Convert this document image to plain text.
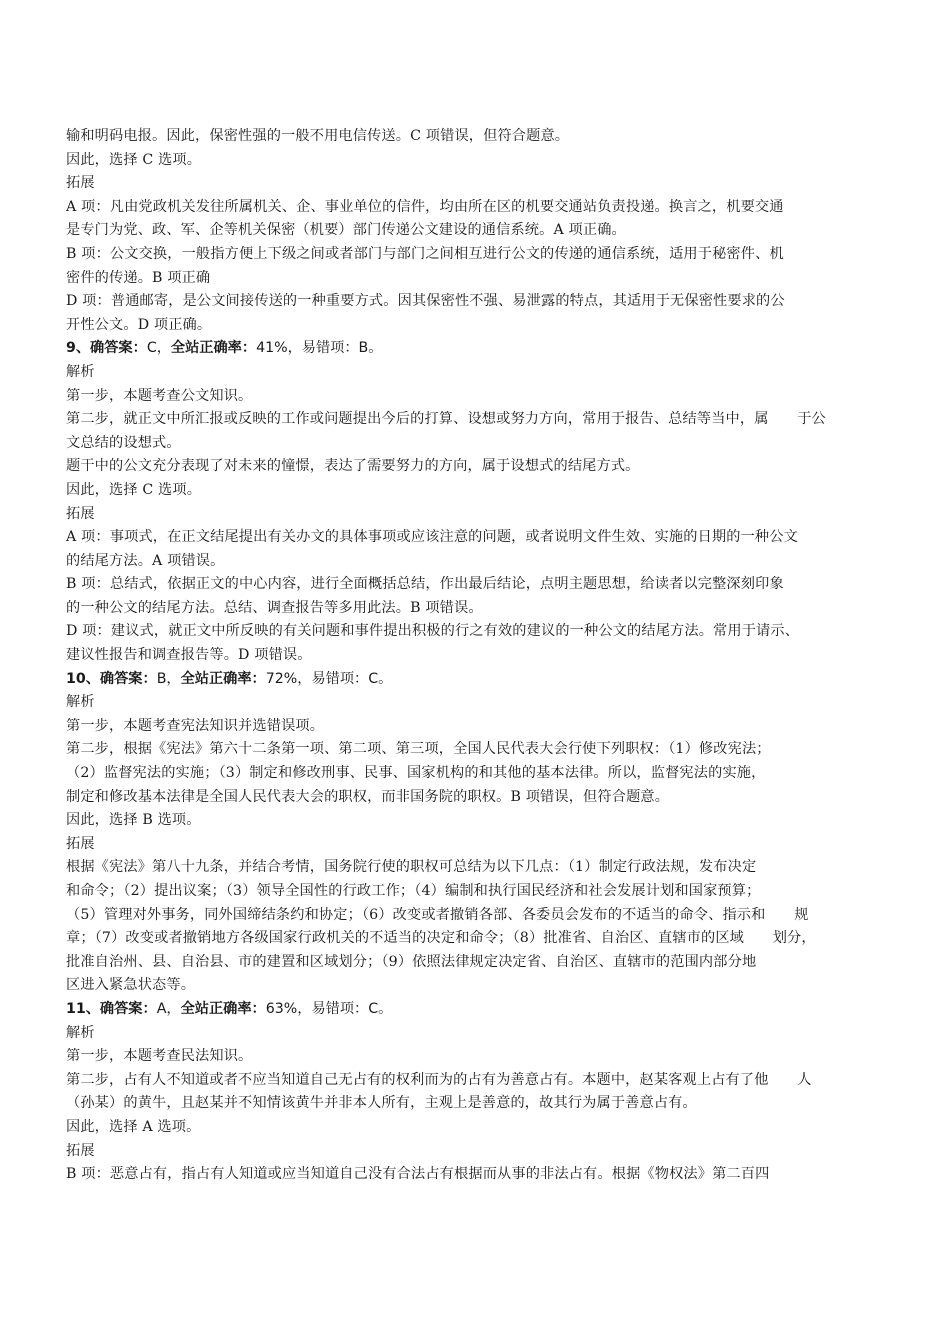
输和明码电报。因此，保密性强的一般不用电信传送。C 项错误，但符合题意。

因此，选择 C 选项。

拓展

A 项：凡由党政机关发往所属机关、企、事业单位的信件，均由所在区的机要交通站负责投递。换言之，机要交通

是专门为党、政、军、企等机关保密（机要）部门传递公文建设的通信系统。A 项正确。

B 项：公文交换，一般指方便上下级之间或者部门与部门之间相互进行公文的传递的通信系统，适用于秘密件、机

密件的传递。B 项正确

D 项：普通邮寄，是公文间接传送的一种重要方式。因其保密性不强、易泄露的特点，其适用于无保密性要求的公

开性公文。D 项正确。

9、确答案：C，全站正确率：41%，易错项：B。

解析

第一步，本题考查公文知识。

第二步，就正文中所汇报或反映的工作或问题提出今后的打算、设想或努力方向，常用于报告、总结等当中，属　　于公

文总结的设想式。

题干中的公文充分表现了对未来的憧憬，表达了需要努力的方向，属于设想式的结尾方式。

因此，选择 C 选项。

拓展

A 项：事项式，在正文结尾提出有关办文的具体事项或应该注意的问题，或者说明文件生效、实施的日期的一种公文

的结尾方法。A 项错误。

B 项：总结式，依据正文的中心内容，进行全面概括总结，作出最后结论，点明主题思想，给读者以完整深刻印象

的一种公文的结尾方法。总结、调查报告等多用此法。B 项错误。

D 项：建议式，就正文中所反映的有关问题和事件提出积极的行之有效的建议的一种公文的结尾方法。常用于请示、

建议性报告和调查报告等。D 项错误。

10、确答案：B，全站正确率：72%，易错项：C。

解析

第一步，本题考查宪法知识并选错误项。

第二步，根据《宪法》第六十二条第一项、第二项、第三项，全国人民代表大会行使下列职权：（1）修改宪法；

（2）监督宪法的实施；（3）制定和修改刑事、民事、国家机构的和其他的基本法律。所以，监督宪法的实施，

制定和修改基本法律是全国人民代表大会的职权，而非国务院的职权。B 项错误，但符合题意。

因此，选择 B 选项。

拓展

根据《宪法》第八十九条，并结合考情，国务院行使的职权可总结为以下几点：（1）制定行政法规，发布决定

和命令；（2）提出议案；（3）领导全国性的行政工作；（4）编制和执行国民经济和社会发展计划和国家预算；

（5）管理对外事务，同外国缔结条约和协定；（6）改变或者撤销各部、各委员会发布的不适当的命令、指示和　　规

章；（7）改变或者撤销地方各级国家行政机关的不适当的决定和命令；（8）批准省、自治区、直辖市的区域　　划分，

批准自治州、县、自治县、市的建置和区域划分；（9）依照法律规定决定省、自治区、直辖市的范围内部分地

区进入紧急状态等。

11、确答案：A，全站正确率：63%，易错项：C。

解析

第一步，本题考查民法知识。

第二步，占有人不知道或者不应当知道自己无占有的权利而为的占有为善意占有。本题中，赵某客观上占有了他　　人

（孙某）的黄牛，且赵某并不知情该黄牛并非本人所有，主观上是善意的，故其行为属于善意占有。

因此，选择 A 选项。

拓展

B 项：恶意占有，指占有人知道或应当知道自己没有合法占有根据而从事的非法占有。根据《物权法》第二百四
